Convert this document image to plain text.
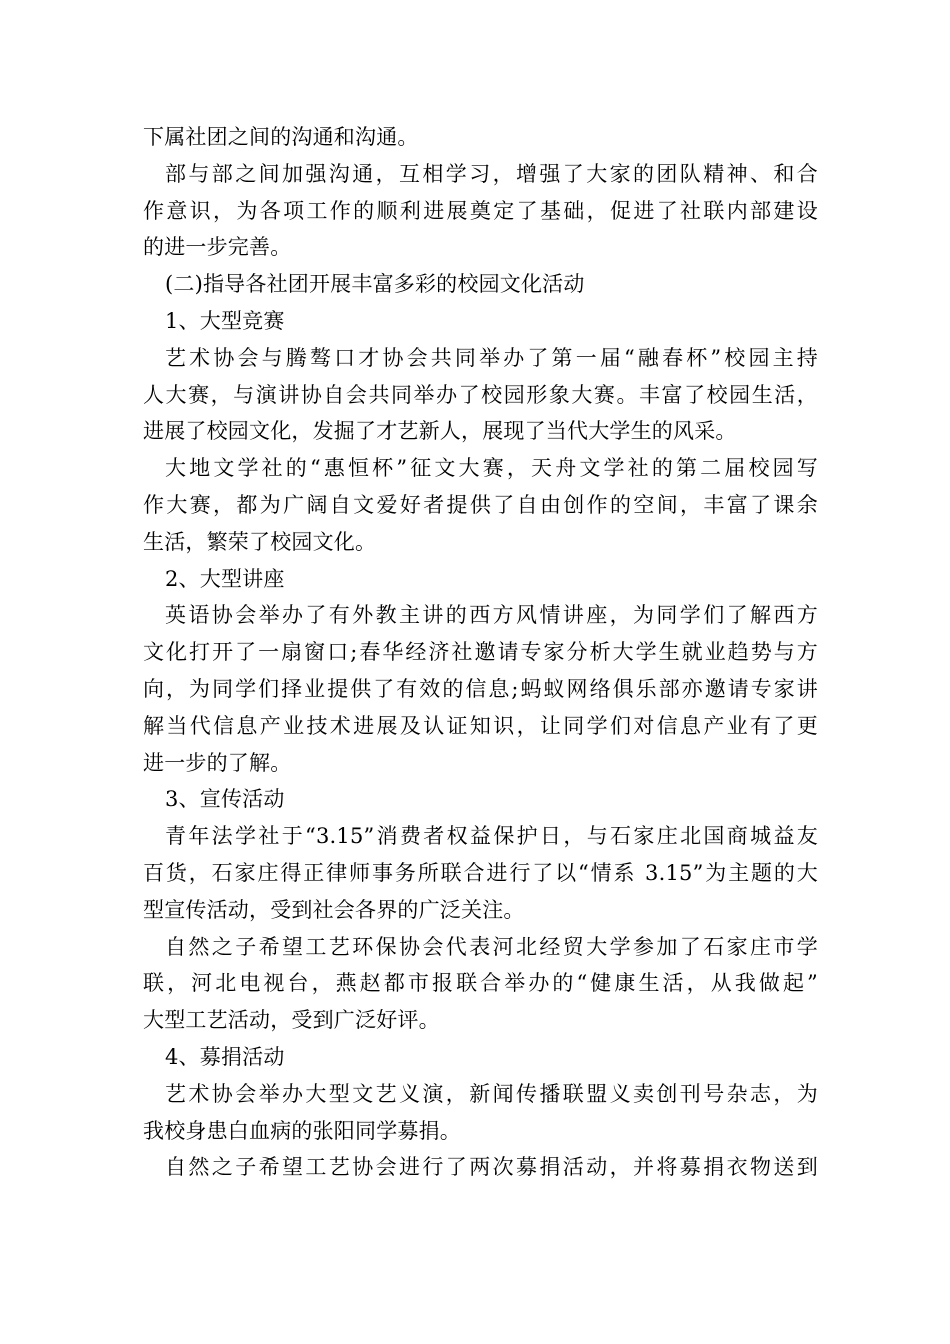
下属社团之间的沟通和沟通。
部与部之间加强沟通，互相学习，增强了大家的团队精神、和合
作意识，为各项工作的顺利进展奠定了基础，促进了社联内部建设
的进一步完善。
(二)指导各社团开展丰富多彩的校园文化活动
1、大型竞赛
艺术协会与腾骜口才协会共同举办了第一届“融春杯”校园主持
人大赛，与演讲协自会共同举办了校园形象大赛。丰富了校园生活，
进展了校园文化，发掘了才艺新人，展现了当代大学生的风采。
大地文学社的“惠恒杯”征文大赛，天舟文学社的第二届校园写
作大赛，都为广阔自文爱好者提供了自由创作的空间，丰富了课余
生活，繁荣了校园文化。
2、大型讲座
英语协会举办了有外教主讲的西方风情讲座，为同学们了解西方
文化打开了一扇窗口;春华经济社邀请专家分析大学生就业趋势与方
向，为同学们择业提供了有效的信息;蚂蚁网络俱乐部亦邀请专家讲
解当代信息产业技术进展及认证知识，让同学们对信息产业有了更
进一步的了解。
3、宣传活动
青年法学社于“3.15”消费者权益保护日，与石家庄北国商城益友
百货，石家庄得正律师事务所联合进行了以“情系 3.15”为主题的大
型宣传活动，受到社会各界的广泛关注。
自然之子希望工艺环保协会代表河北经贸大学参加了石家庄市学
联，河北电视台，燕赵都市报联合举办的“健康生活，从我做起”
大型工艺活动，受到广泛好评。
4、募捐活动
艺术协会举办大型文艺义演，新闻传播联盟义卖创刊号杂志，为
我校身患白血病的张阳同学募捐。
自然之子希望工艺协会进行了两次募捐活动，并将募捐衣物送到
